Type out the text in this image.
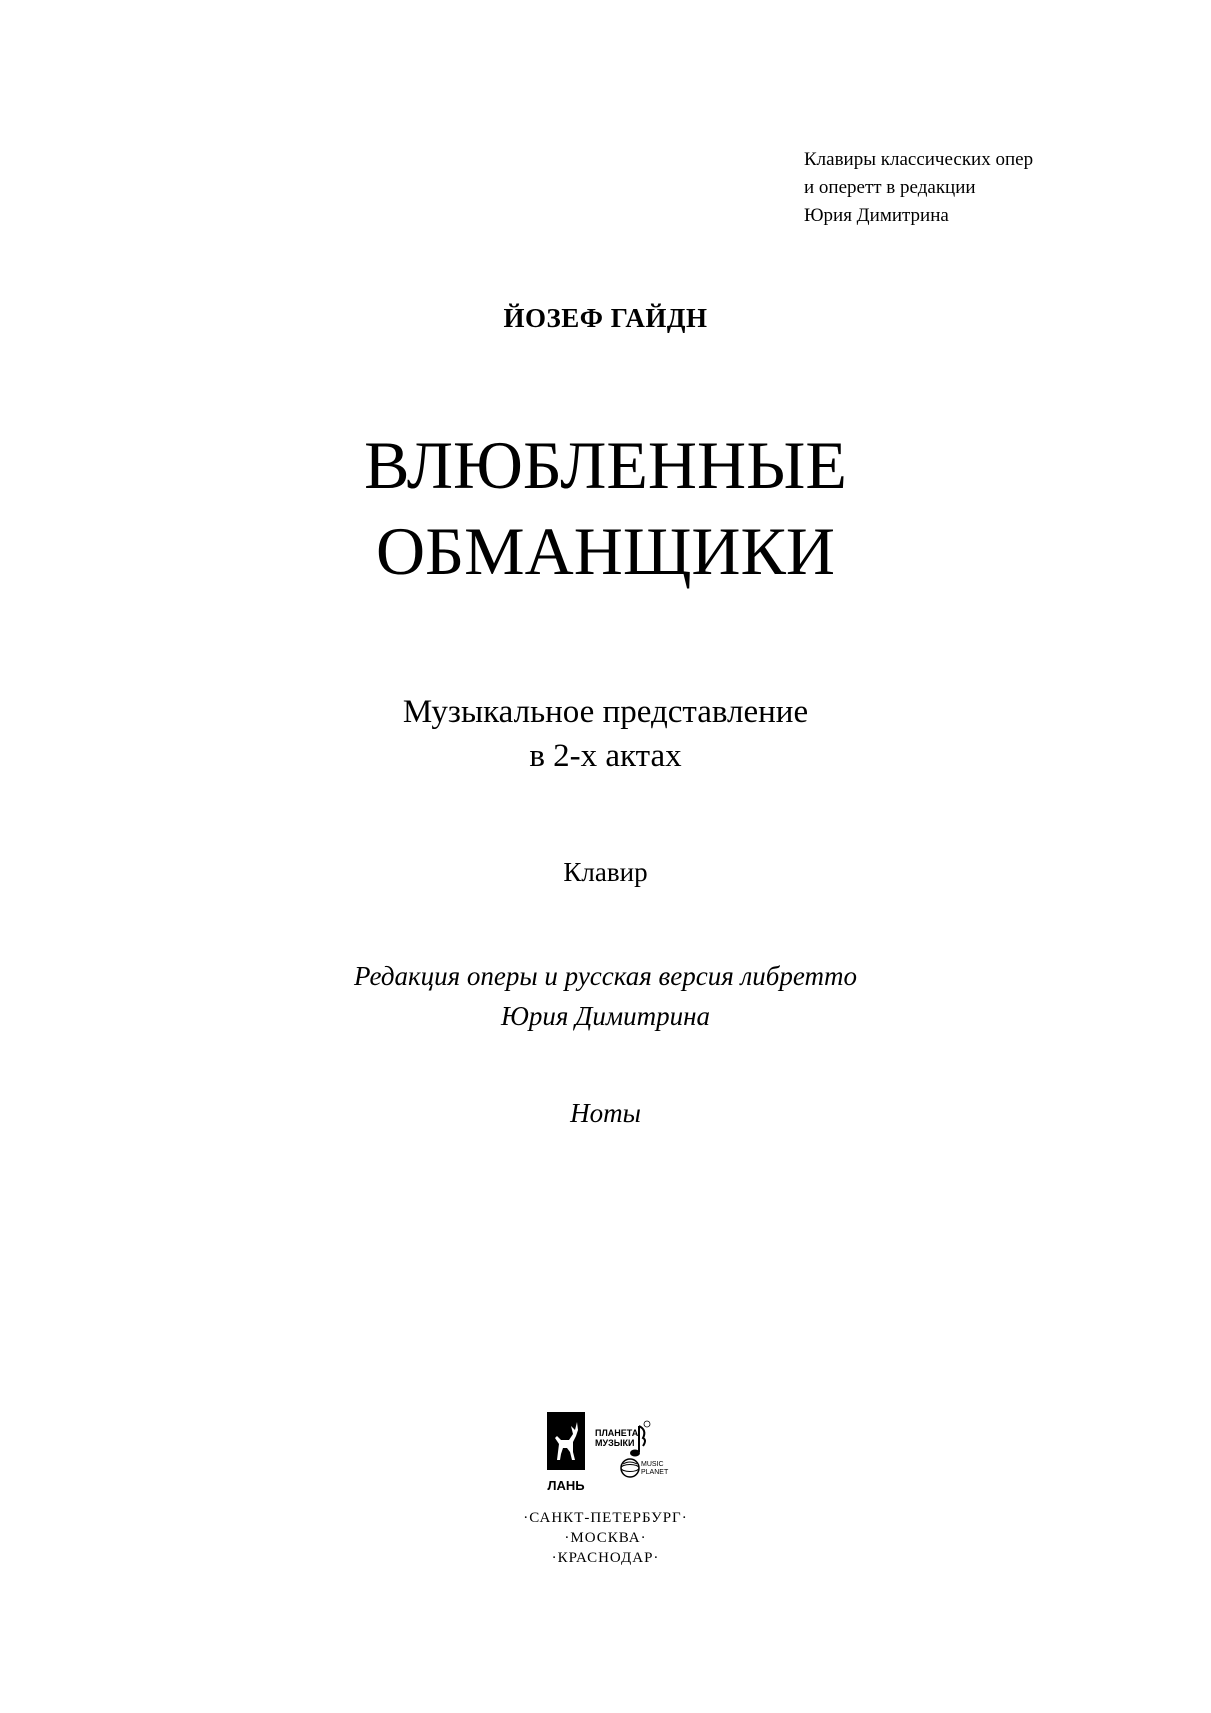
Клавиры классических опер
и оперетт в редакции
Юрия Димитрина
ЙОЗЕФ ГАЙДН
ВЛЮБЛЕННЫЕ
ОБМАНЩИКИ
Музыкальное представление
в 2-х актах
Клавир
Редакция оперы и русская версия либретто
Юрия Димитрина
Ноты
ЛАНЬ
ПЛАНЕТА
МУЗЫКИ
MUSIC
PLANET
·САНКТ-ПЕТЕРБУРГ·
·МОСКВА·
·КРАСНОДАР·
